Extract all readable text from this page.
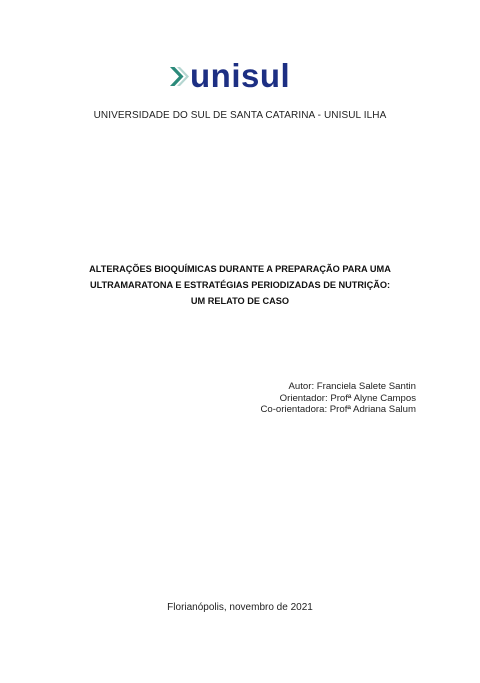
unisul
UNIVERSIDADE DO SUL DE SANTA CATARINA - UNISUL ILHA
ALTERAÇÕES BIOQUÍMICAS DURANTE A PREPARAÇÃO PARA UMA
ULTRAMARATONA E ESTRATÉGIAS PERIODIZADAS DE NUTRIÇÃO:
UM RELATO DE CASO
Autor: Franciela Salete Santin
Orientador: Profª Alyne Campos
Co-orientadora: Profª Adriana Salum
Florianópolis, novembro de 2021
